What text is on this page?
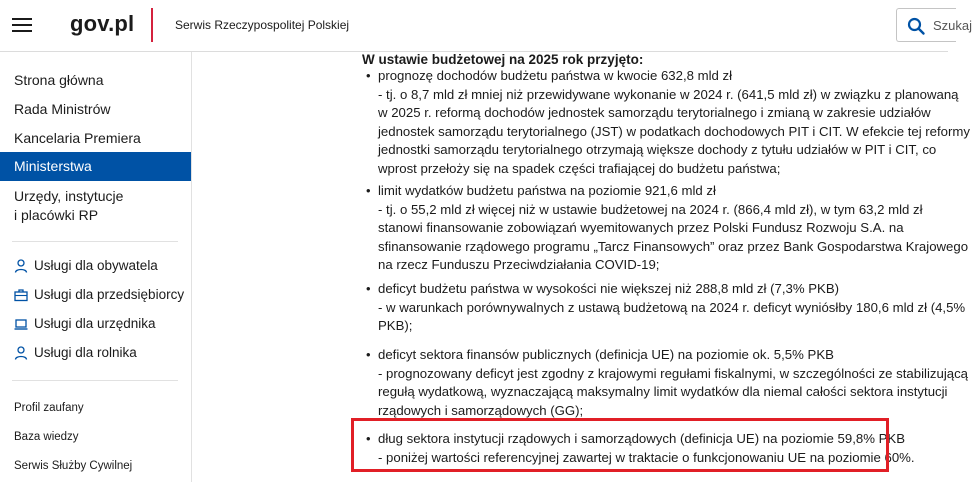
gov.pl	Serwis Rzeczypospolitej Polskiej	Szukaj
Strona główna
Rada Ministrów
Kancelaria Premiera
Ministerstwa
Urzędy, instytucje
i placówki RP
Usługi dla obywatela
Usługi dla przedsiębiorcy
Usługi dla urzędnika
Usługi dla rolnika
Profil zaufany
Baza wiedzy
Serwis Służby Cywilnej
W ustawie budżetowej na 2025 rok przyjęto:
• prognozę dochodów budżetu państwa w kwocie 632,8 mld zł
- tj. o 8,7 mld zł mniej niż przewidywane wykonanie w 2024 r. (641,5 mld zł) w związku z planowaną
w 2025 r. reformą dochodów jednostek samorządu terytorialnego i zmianą w zakresie udziałów
jednostek samorządu terytorialnego (JST) w podatkach dochodowych PIT i CIT. W efekcie tej reformy
jednostki samorządu terytorialnego otrzymają większe dochody z tytułu udziałów w PIT i CIT, co
wprost przełoży się na spadek części trafiającej do budżetu państwa;
• limit wydatków budżetu państwa na poziomie 921,6 mld zł
- tj. o 55,2 mld zł więcej niż w ustawie budżetowej na 2024 r. (866,4 mld zł), w tym 63,2 mld zł
stanowi finansowanie zobowiązań wyemitowanych przez Polski Fundusz Rozwoju S.A. na
sfinansowanie rządowego programu „Tarcz Finansowych” oraz przez Bank Gospodarstwa Krajowego
na rzecz Funduszu Przeciwdziałania COVID-19;
• deficyt budżetu państwa w wysokości nie większej niż 288,8 mld zł (7,3% PKB)
- w warunkach porównywalnych z ustawą budżetową na 2024 r. deficyt wyniósłby 180,6 mld zł (4,5%
PKB);
• deficyt sektora finansów publicznych (definicja UE) na poziomie ok. 5,5% PKB
- prognozowany deficyt jest zgodny z krajowymi regułami fiskalnymi, w szczególności ze stabilizującą
regułą wydatkową, wyznaczającą maksymalny limit wydatków dla niemal całości sektora instytucji
rządowych i samorządowych (GG);
• dług sektora instytucji rządowych i samorządowych (definicja UE) na poziomie 59,8% PKB
- poniżej wartości referencyjnej zawartej w traktacie o funkcjonowaniu UE na poziomie 60%.
